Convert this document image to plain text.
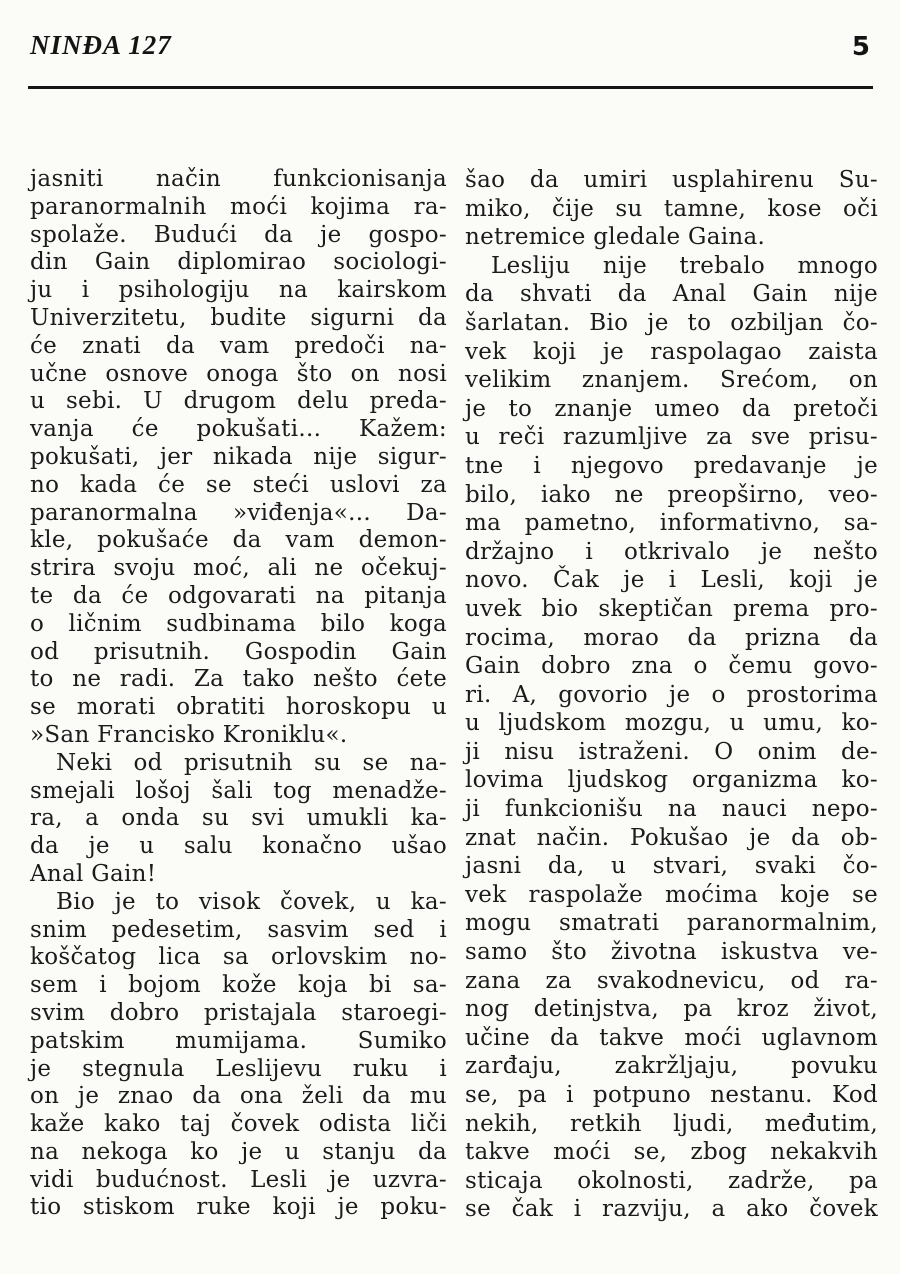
NINĐA 127	5
jasniti način funkcionisanja
paranormalnih moći kojima ra-
spolaže. Budući da je gospo-
din Gain diplomirao sociologi-
ju i psihologiju na kairskom
Univerzitetu, budite sigurni da
će znati da vam predoči na-
učne osnove onoga što on nosi
u sebi. U drugom delu preda-
vanja će pokušati... Kažem:
pokušati, jer nikada nije sigur-
no kada će se steći uslovi za
paranormalna »viđenja«... Da-
kle, pokušaće da vam demon-
strira svoju moć, ali ne očekuj-
te da će odgovarati na pitanja
o ličnim sudbinama bilo koga
od prisutnih. Gospodin Gain
to ne radi. Za tako nešto ćete
se morati obratiti horoskopu u
»San Francisko Kroniklu«.
Neki od prisutnih su se na-
smejali lošoj šali tog menadže-
ra, a onda su svi umukli ka-
da je u salu konačno ušao
Anal Gain!
Bio je to visok čovek, u ka-
snim pedesetim, sasvim sed i
koščatog lica sa orlovskim no-
sem i bojom kože koja bi sa-
svim dobro pristajala staroegi-
patskim mumijama. Sumiko
je stegnula Leslijevu ruku i
on je znao da ona želi da mu
kaže kako taj čovek odista liči
na nekoga ko je u stanju da
vidi budućnost. Lesli je uzvra-
tio stiskom ruke koji je poku-
šao da umiri usplahirenu Su-
miko, čije su tamne, kose oči
netremice gledale Gaina.
Lesliju nije trebalo mnogo
da shvati da Anal Gain nije
šarlatan. Bio je to ozbiljan čo-
vek koji je raspolagao zaista
velikim znanjem. Srećom, on
je to znanje umeo da pretoči
u reči razumljive za sve prisu-
tne i njegovo predavanje je
bilo, iako ne preopširno, veo-
ma pametno, informativno, sa-
držajno i otkrivalo je nešto
novo. Čak je i Lesli, koji je
uvek bio skeptičan prema pro-
rocima, morao da prizna da
Gain dobro zna o čemu govo-
ri. A, govorio je o prostorima
u ljudskom mozgu, u umu, ko-
ji nisu istraženi. O onim de-
lovima ljudskog organizma ko-
ji funkcionišu na nauci nepo-
znat način. Pokušao je da ob-
jasni da, u stvari, svaki čo-
vek raspolaže moćima koje se
mogu smatrati paranormalnim,
samo što životna iskustva ve-
zana za svakodnevicu, od ra-
nog detinjstva, pa kroz život,
učine da takve moći uglavnom
zarđaju, zakržljaju, povuku
se, pa i potpuno nestanu. Kod
nekih, retkih ljudi, međutim,
takve moći se, zbog nekakvih
sticaja okolnosti, zadrže, pa
se čak i razviju, a ako čovek
